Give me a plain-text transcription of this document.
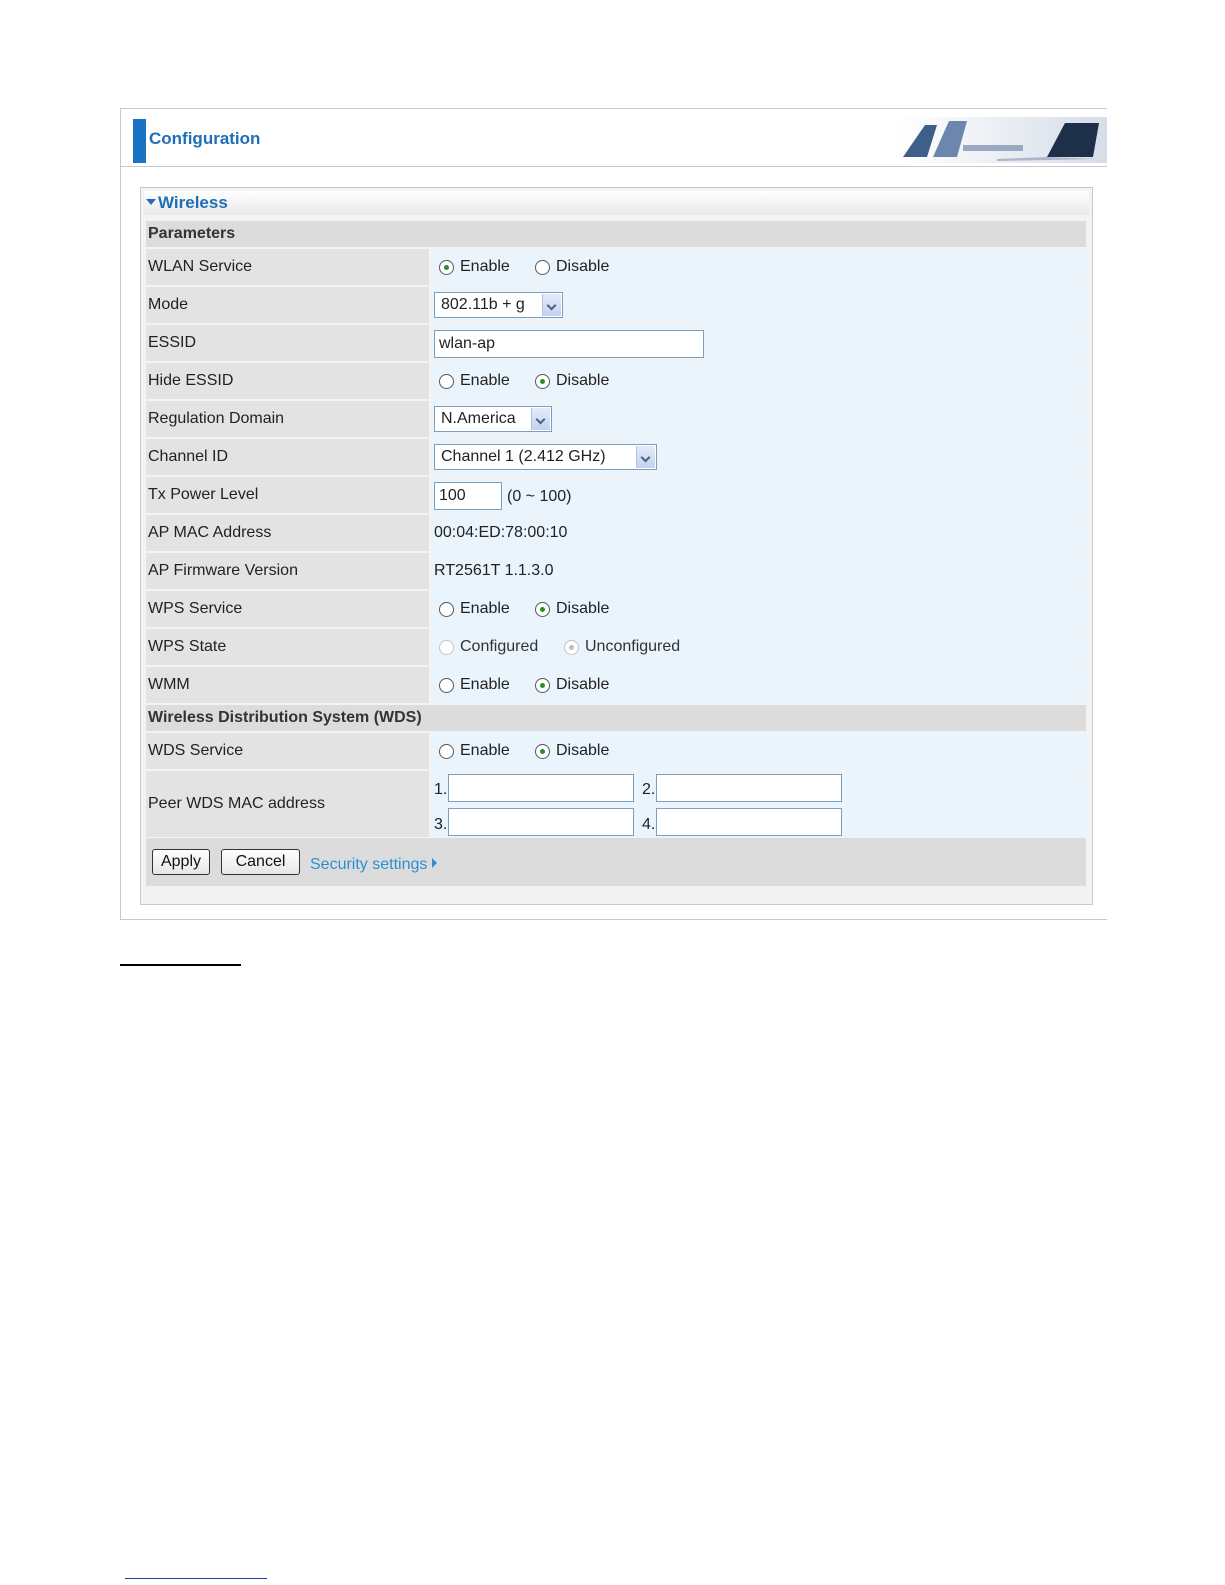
Configuration
Wireless
Parameters
WLAN Service	Enable	Disable
Mode	802.11b + g
ESSID	wlan-ap
Hide ESSID	Enable	Disable
Regulation Domain	N.America
Channel ID	Channel 1 (2.412 GHz)
Tx Power Level	100	(0 ~ 100)
AP MAC Address	00:04:ED:78:00:10
AP Firmware Version	RT2561T 1.1.3.0
WPS Service	Enable	Disable
WPS State	Configured	Unconfigured
WMM	Enable	Disable
Wireless Distribution System (WDS)
WDS Service	Enable	Disable
Peer WDS MAC address
1.	2.
3.	4.
Apply	Cancel	Security settings
